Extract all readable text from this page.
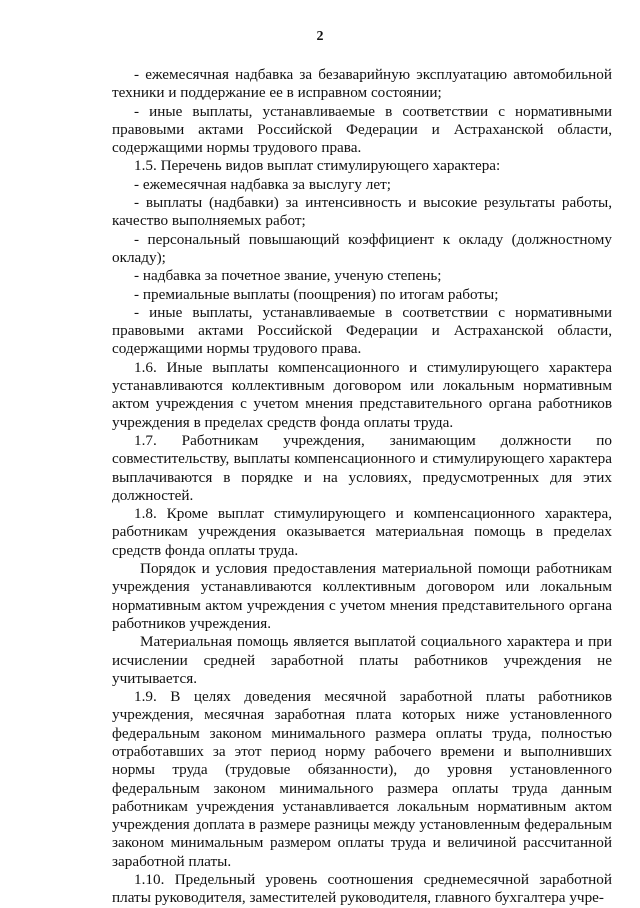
2

- ежемесячная надбавка за безаварийную эксплуатацию автомобильной техники и поддержание ее в исправном состоянии;

- иные выплаты, устанавливаемые в соответствии с нормативными правовыми актами Российской Федерации и Астраханской области, содержащими нормы трудового права.

1.5. Перечень видов выплат стимулирующего характера:

- ежемесячная надбавка за выслугу лет;

- выплаты (надбавки) за интенсивность и высокие результаты работы, качество выполняемых работ;

- персональный повышающий коэффициент к окладу (должностному окладу);

- надбавка за почетное звание, ученую степень;

- премиальные выплаты (поощрения) по итогам работы;

- иные выплаты, устанавливаемые в соответствии с нормативными правовыми актами Российской Федерации и Астраханской области, содержащими нормы трудового права.

1.6. Иные выплаты компенсационного и стимулирующего характера устанавливаются коллективным договором или локальным нормативным актом учреждения с учетом мнения представительного органа работников учреждения в пределах средств фонда оплаты труда.

1.7. Работникам учреждения, занимающим должности по совместительству, выплаты компенсационного и стимулирующего характера выплачиваются в порядке и на условиях, предусмотренных для этих должностей.

1.8. Кроме выплат стимулирующего и компенсационного характера, работникам учреждения оказывается материальная помощь в пределах средств фонда оплаты труда.

Порядок и условия предоставления материальной помощи работникам учреждения устанавливаются коллективным договором или локальным нормативным актом учреждения с учетом мнения представительного органа работников учреждения.

Материальная помощь является выплатой социального характера и при исчислении средней заработной платы работников учреждения не учитывается.

1.9. В целях доведения месячной заработной платы работников учреждения, месячная заработная плата которых ниже установленного федеральным законом минимального размера оплаты труда, полностью отработавших за этот период норму рабочего времени и выполнивших нормы труда (трудовые обязанности), до уровня установленного федеральным законом минимального размера оплаты труда данным работникам учреждения устанавливается локальным нормативным актом учреждения доплата в размере разницы между установленным федеральным законом минимальным размером оплаты труда и величиной рассчитанной заработной платы.

1.10. Предельный уровень соотношения среднемесячной заработной платы руководителя, заместителей руководителя, главного бухгалтера учре-
